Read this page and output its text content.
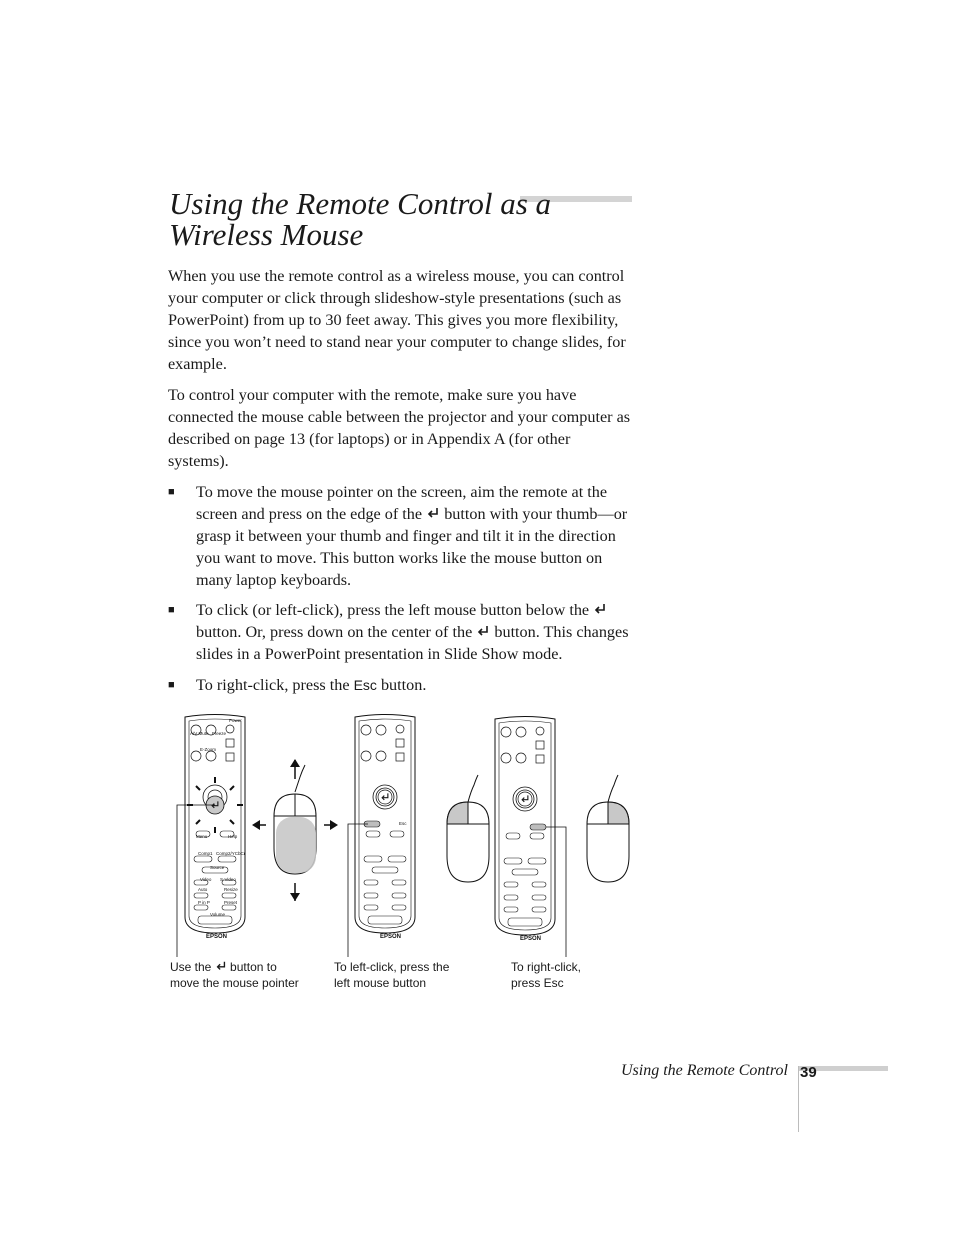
Using the Remote Control as a Wireless Mouse

When you use the remote control as a wireless mouse, you can control your computer or click through slideshow-style presentations (such as PowerPoint) from up to 30 feet away. This gives you more flexibility, since you won’t need to stand near your computer to change slides, for example.

To control your computer with the remote, make sure you have connected the mouse cable between the projector and your computer as described on page 13 (for laptops) or in Appendix A (for other systems).

■ To move the mouse pointer on the screen, aim the remote at the screen and press on the edge of the button with your thumb—or grasp it between your thumb and finger and tilt it in the direction you want to move. This button works like the mouse button on many laptop keyboards.
■ To click (or left-click), press the left mouse button below the  button. Or, press down on the center of the button. This changes slides in a PowerPoint presentation in Slide Show mode.
■ To right-click, press the Esc button.
Power
A/V Mute Freeze
E-Zoom
Menu	Help
Comp1 Comp2/YCbCr
Source
Video S-Video
Auto	Resize
P in P	Preset
Volume
EPSON
Esc
EPSON	EPSON
Use the button to
move the mouse pointer
To left-click, press the
left mouse button
To right-click,
press Esc
Using the Remote Control 39
